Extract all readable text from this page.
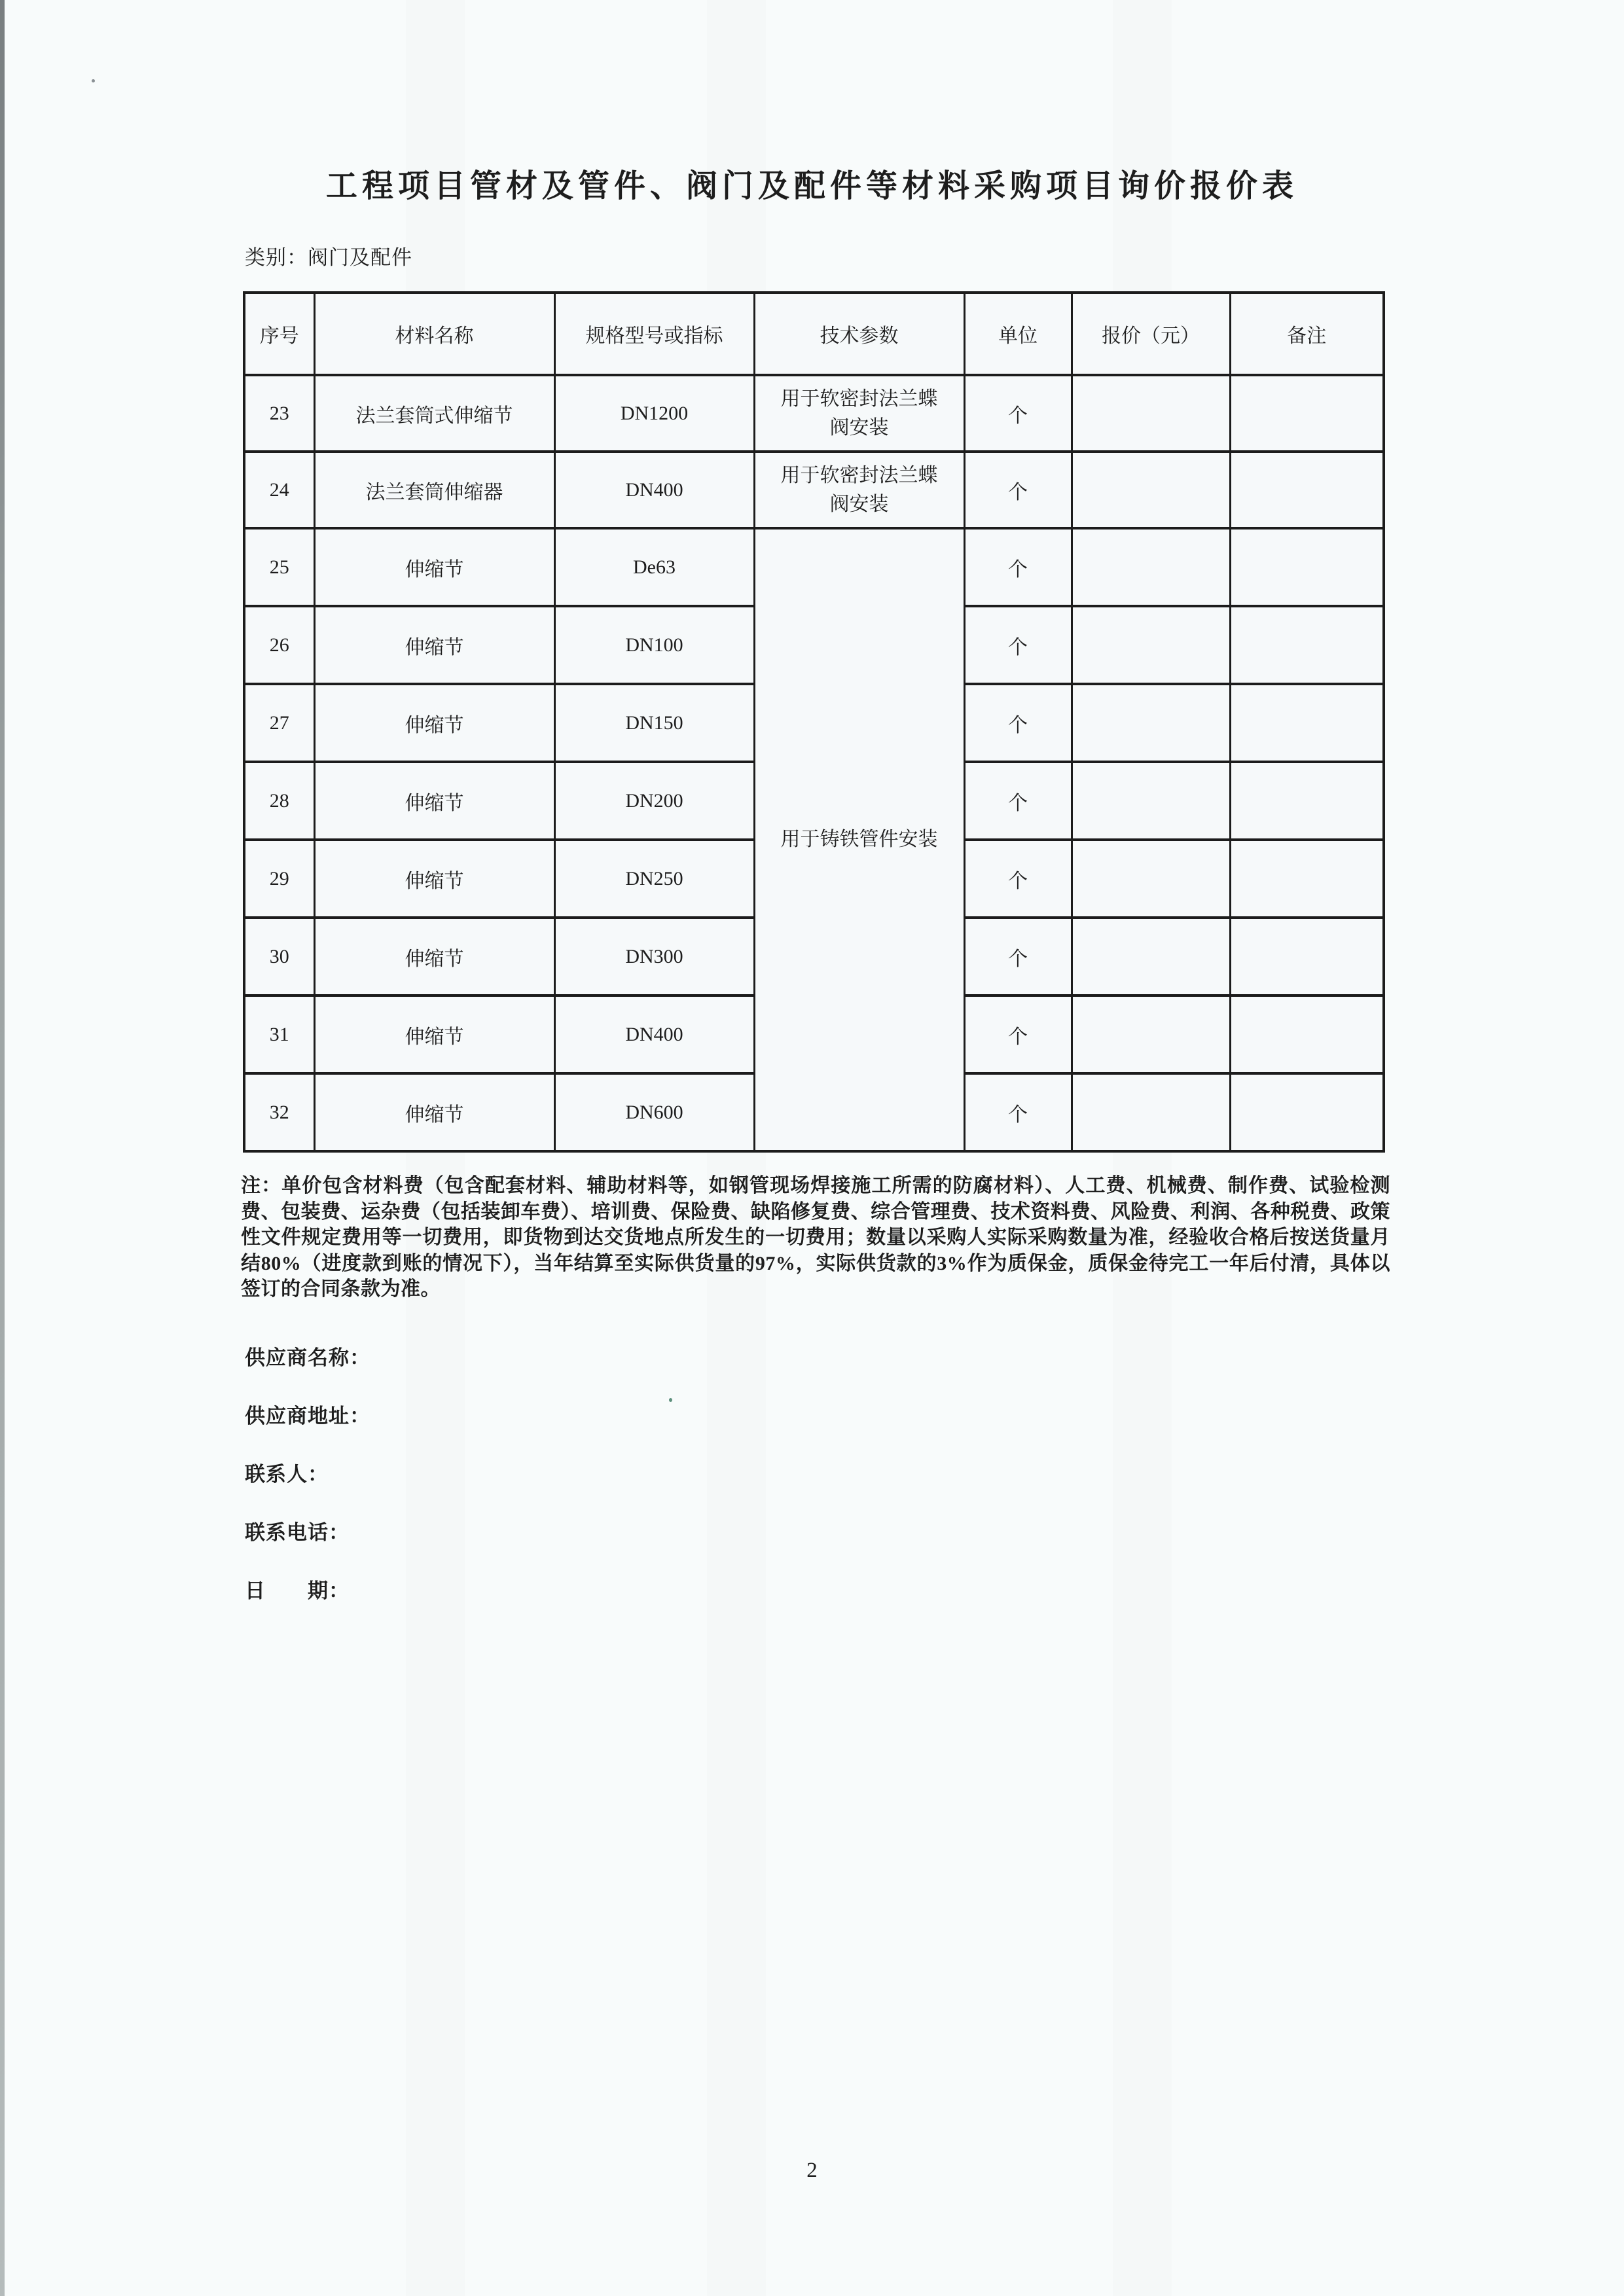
工程项目管材及管件、阀门及配件等材料采购项目询价报价表
类别：阀门及配件
序号	材料名称	规格型号或指标	技术参数	单位	报价（元）	备注
23	法兰套筒式伸缩节	DN1200	用于软密封法兰蝶阀安装	个		
24	法兰套筒伸缩器	DN400	用于软密封法兰蝶阀安装	个		
25	伸缩节	De63	用于铸铁管件安装	个		
26	伸缩节	DN100		个		
27	伸缩节	DN150		个		
28	伸缩节	DN200		个		
29	伸缩节	DN250		个		
30	伸缩节	DN300		个		
31	伸缩节	DN400		个		
32	伸缩节	DN600		个		

注：单价包含材料费（包含配套材料、辅助材料等，如钢管现场焊接施工所需的防腐材料）、人工费、机械费、制作费、试验检测费、包装费、运杂费（包括装卸车费）、培训费、保险费、缺陷修复费、综合管理费、技术资料费、风险费、利润、各种税费、政策性文件规定费用等一切费用，即货物到达交货地点所发生的一切费用；数量以采购人实际采购数量为准，经验收合格后按送货量月结80%（进度款到账的情况下），当年结算至实际供货量的97%，实际供货款的3%作为质保金，质保金待完工一年后付清，具体以签订的合同条款为准。

供应商名称：
供应商地址：
联系人：
联系电话：
日　　期：
2
